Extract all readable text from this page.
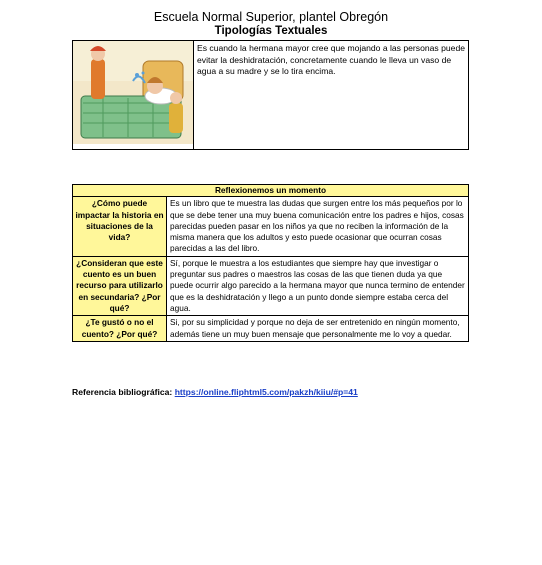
Escuela Normal Superior, plantel Obregón
Tipologías Textuales
	Es cuando la hermana mayor cree que mojando a las personas puede evitar la deshidratación, concretamente cuando le lleva un vaso de agua a su madre y se lo tira encima.
Reflexionemos un momento	
¿Cómo puede impactar la historia en situaciones de la vida?	Es un libro que te muestra las dudas que surgen entre los más pequeños por lo que se debe tener una muy buena comunicación entre los padres e hijos, cosas parecidas pueden pasar en los niños ya que no reciben la información de la misma manera que los adultos y esto puede ocasionar que ocurran cosas parecidas a las del libro.
¿Consideran que este cuento es un buen recurso para utilizarlo en secundaria? ¿Por qué?	Sí, porque le muestra a los estudiantes que siempre hay que investigar o preguntar sus padres o maestros las cosas de las que tienen duda ya que puede ocurrir algo parecido a la hermana mayor que nunca termino de entender que es la deshidratación y llego a un punto donde siempre estaba cerca del agua.
¿Te gustó o no el cuento? ¿Por qué?	Si, por su simplicidad y porque no deja de ser entretenido en ningún momento, además tiene un muy buen mensaje que personalmente me lo voy a quedar.
Referencia bibliográfica: https://online.fliphtml5.com/pakzh/kiiu/#p=41
